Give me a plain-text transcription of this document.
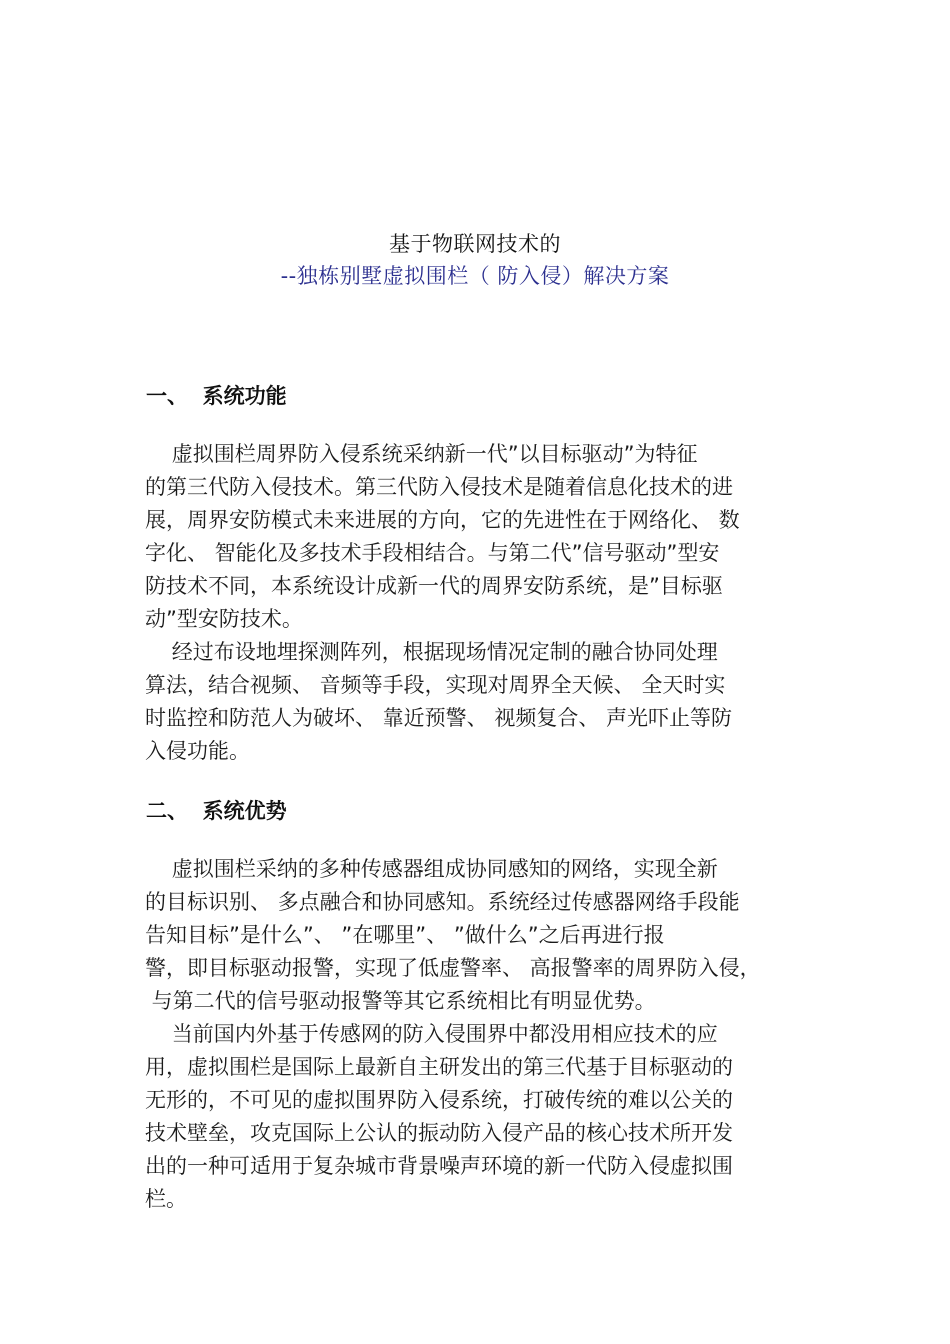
基于物联网技术的
--独栋别墅虚拟围栏（ 防入侵）解决方案
一、  系统功能
虚拟围栏周界防入侵系统采纳新一代”以目标驱动”为特征
的第三代防入侵技术。第三代防入侵技术是随着信息化技术的进
展，周界安防模式未来进展的方向，它的先进性在于网络化、 数
字化、 智能化及多技术手段相结合。与第二代”信号驱动”型安
防技术不同，本系统设计成新一代的周界安防系统，是”目标驱
动”型安防技术。
经过布设地埋探测阵列，根据现场情况定制的融合协同处理
算法，结合视频、 音频等手段，实现对周界全天候、 全天时实
时监控和防范人为破坏、 靠近预警、 视频复合、 声光吓止等防
入侵功能。
二、  系统优势
虚拟围栏采纳的多种传感器组成协同感知的网络，实现全新
的目标识别、 多点融合和协同感知。系统经过传感器网络手段能
告知目标”是什么”、 ”在哪里”、 ”做什么”之后再进行报
警，即目标驱动报警，实现了低虚警率、 高报警率的周界防入侵，
与第二代的信号驱动报警等其它系统相比有明显优势。
当前国内外基于传感网的防入侵围界中都没用相应技术的应
用，虚拟围栏是国际上最新自主研发出的第三代基于目标驱动的
无形的，不可见的虚拟围界防入侵系统，打破传统的难以公关的
技术壁垒，攻克国际上公认的振动防入侵产品的核心技术所开发
出的一种可适用于复杂城市背景噪声环境的新一代防入侵虚拟围
栏。
